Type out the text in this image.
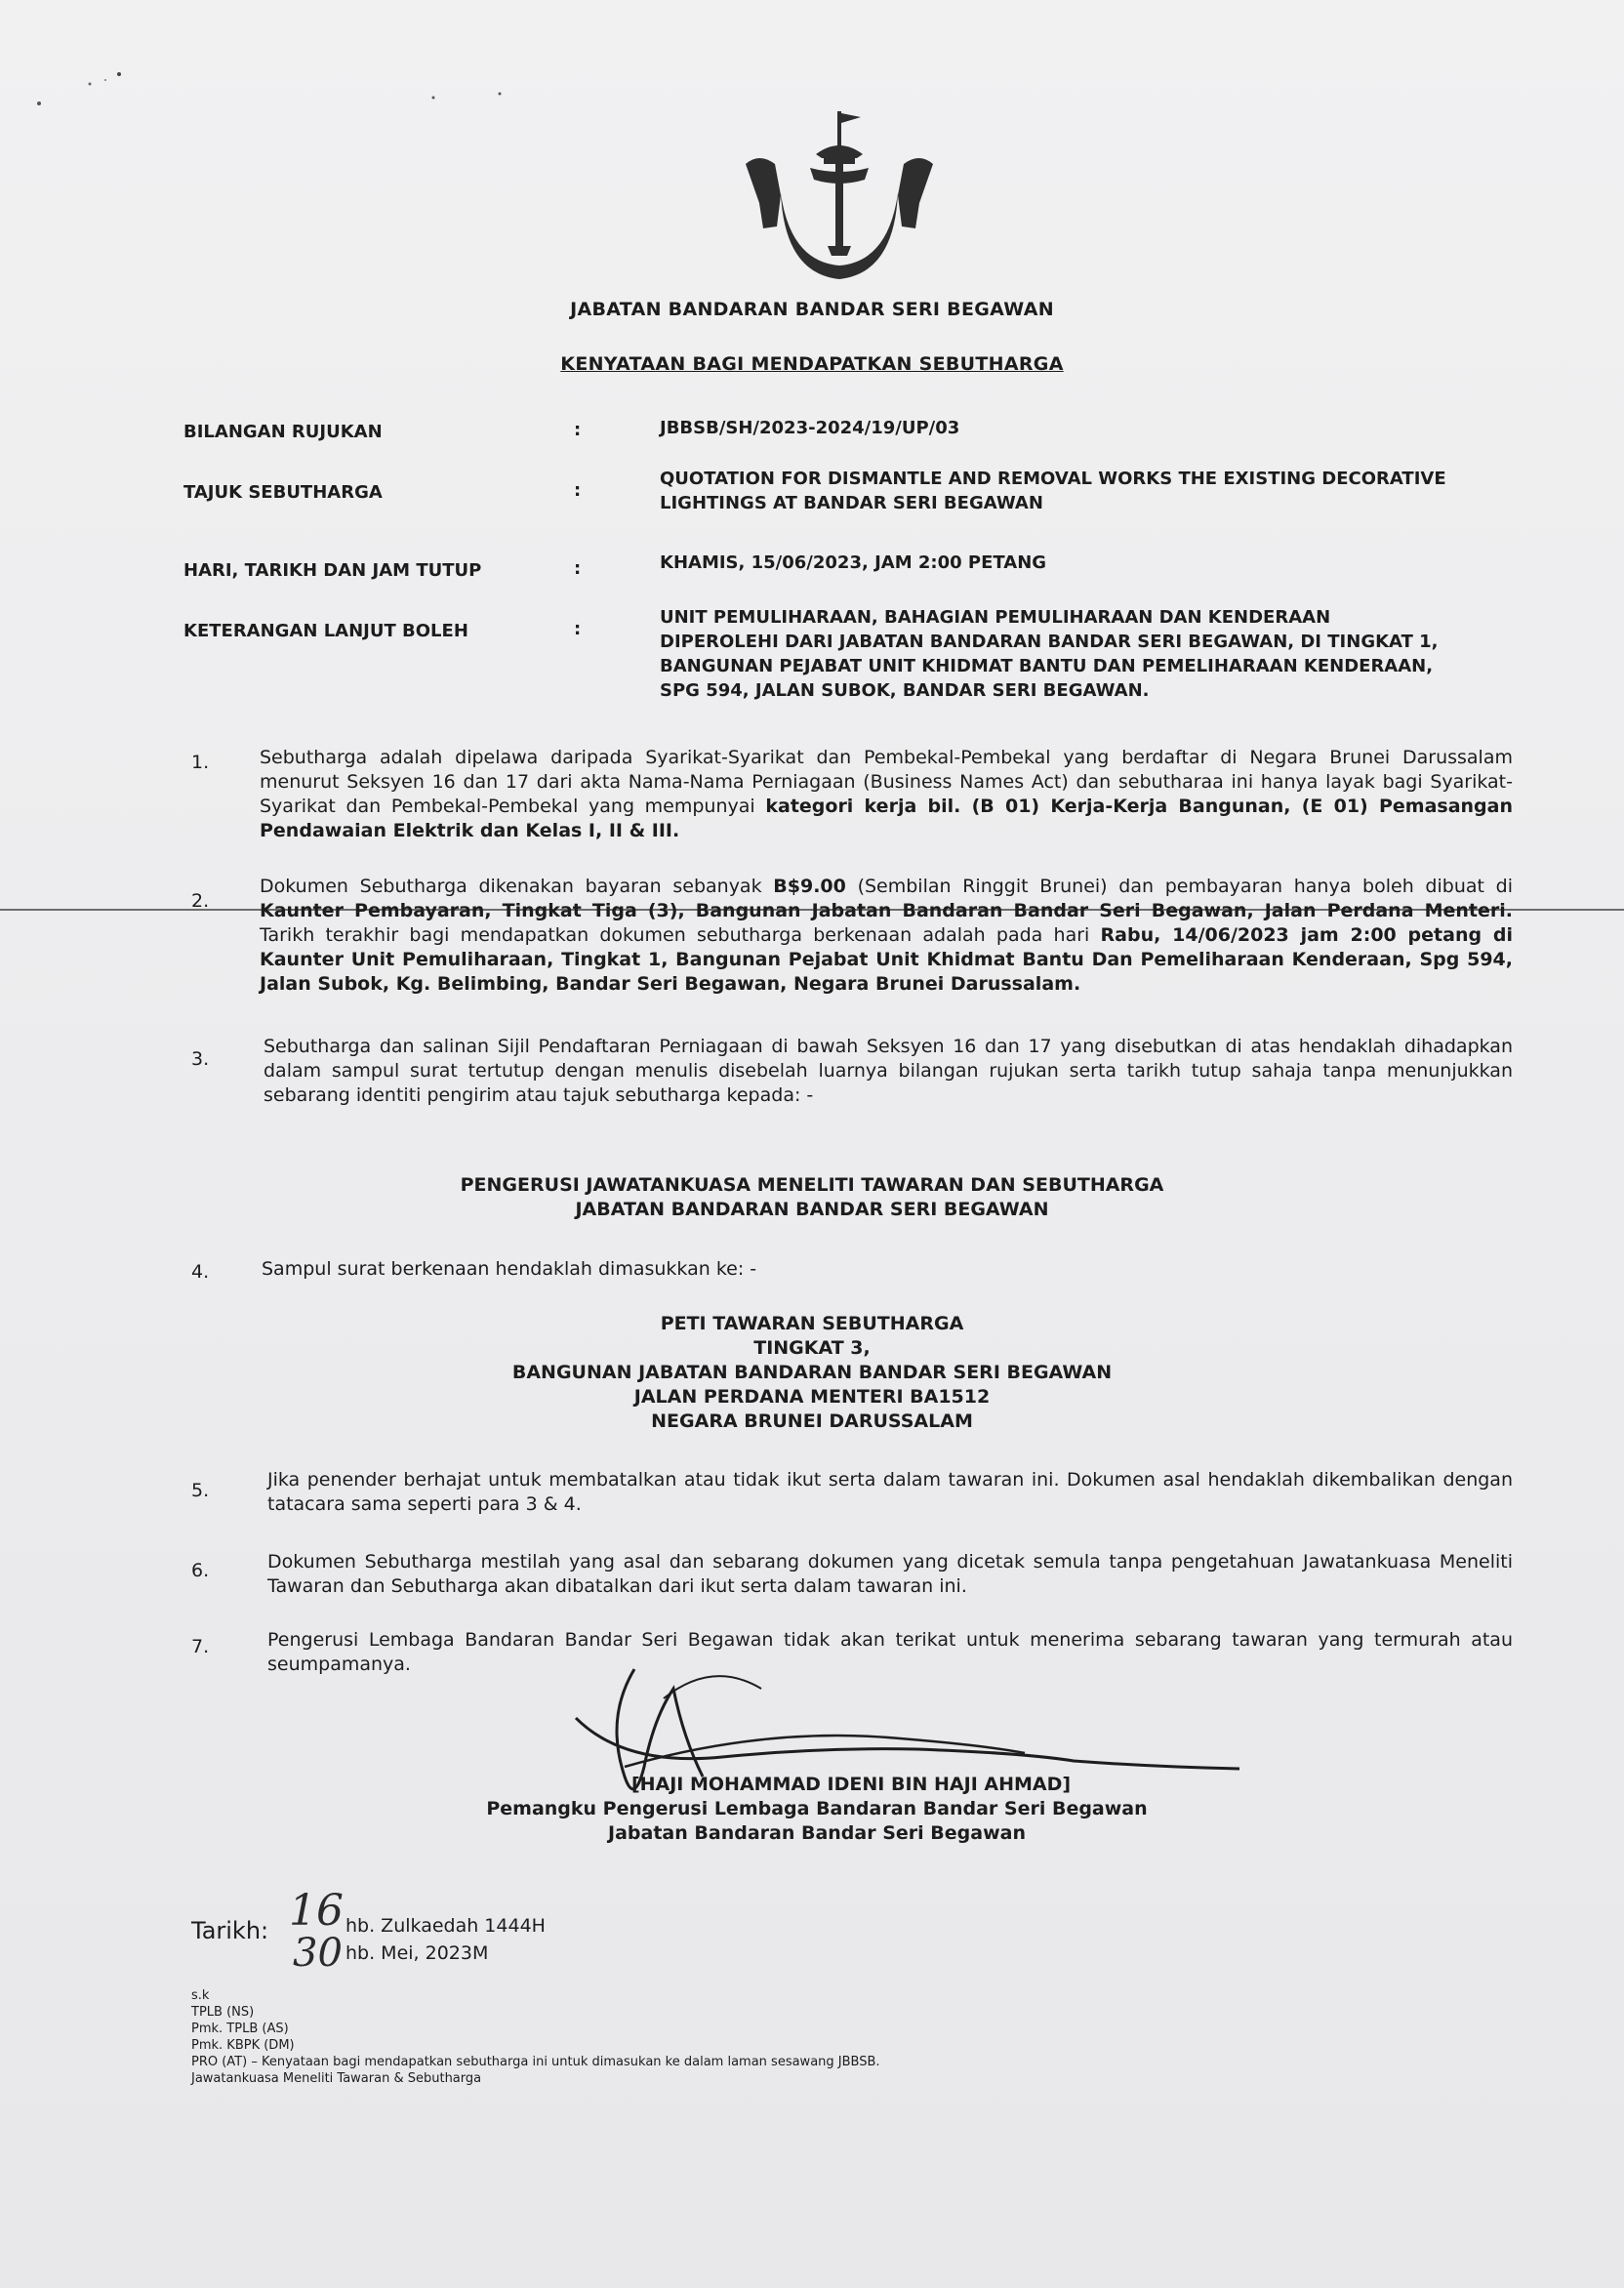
JABATAN BANDARAN BANDAR SERI BEGAWAN
KENYATAAN BAGI MENDAPATKAN SEBUTHARGA
BILANGAN RUJUKAN	:	JBBSB/SH/2023-2024/19/UP/03
TAJUK SEBUTHARGA	:
QUOTATION FOR DISMANTLE AND REMOVAL WORKS THE EXISTING DECORATIVE
LIGHTINGS AT BANDAR SERI BEGAWAN
HARI, TARIKH DAN JAM TUTUP	:	KHAMIS, 15/06/2023, JAM 2:00 PETANG
KETERANGAN LANJUT BOLEH	:
UNIT PEMULIHARAAN, BAHAGIAN PEMULIHARAAN DAN KENDERAAN
DIPEROLEHI DARI JABATAN BANDARAN BANDAR SERI BEGAWAN, DI TINGKAT 1,
BANGUNAN PEJABAT UNIT KHIDMAT BANTU DAN PEMELIHARAAN KENDERAAN,
SPG 594, JALAN SUBOK, BANDAR SERI BEGAWAN.
1.	Sebutharga adalah dipelawa daripada Syarikat-Syarikat dan Pembekal-Pembekal yang berdaftar di Negara Brunei Darussalam menurut Seksyen 16 dan 17 dari akta Nama-Nama Perniagaan (Business Names Act) dan sebutharaa ini hanya layak bagi Syarikat-Syarikat dan Pembekal-Pembekal yang mempunyai kategori kerja bil. (B 01) Kerja-Kerja Bangunan, (E 01) Pemasangan Pendawaian Elektrik dan Kelas I, II & III.
2.
Dokumen Sebutharga dikenakan bayaran sebanyak B$9.00 (Sembilan Ringgit Brunei) dan pembayaran hanya boleh dibuat di Kaunter Pembayaran, Tingkat Tiga (3), Bangunan Jabatan Bandaran Bandar Seri Begawan, Jalan Perdana Menteri. Tarikh terakhir bagi mendapatkan dokumen sebutharga berkenaan adalah pada hari Rabu, 14/06/2023 jam 2:00 petang di Kaunter Unit Pemuliharaan, Tingkat 1, Bangunan Pejabat Unit Khidmat Bantu Dan Pemeliharaan Kenderaan, Spg 594, Jalan Subok, Kg. Belimbing, Bandar Seri Begawan, Negara Brunei Darussalam.
3.
Sebutharga dan salinan Sijil Pendaftaran Perniagaan di bawah Seksyen 16 dan 17 yang disebutkan di atas hendaklah dihadapkan dalam sampul surat tertutup dengan menulis disebelah luarnya bilangan rujukan serta tarikh tutup sahaja tanpa menunjukkan sebarang identiti pengirim atau tajuk sebutharga kepada: -
PENGERUSI JAWATANKUASA MENELITI TAWARAN DAN SEBUTHARGA
JABATAN BANDARAN BANDAR SERI BEGAWAN
4.	Sampul surat berkenaan hendaklah dimasukkan ke: -
PETI TAWARAN SEBUTHARGA
TINGKAT 3,
BANGUNAN JABATAN BANDARAN BANDAR SERI BEGAWAN
JALAN PERDANA MENTERI BA1512
NEGARA BRUNEI DARUSSALAM
5.	Jika penender berhajat untuk membatalkan atau tidak ikut serta dalam tawaran ini. Dokumen asal hendaklah dikembalikan dengan tatacara sama seperti para 3 & 4.
6.	Dokumen Sebutharga mestilah yang asal dan sebarang dokumen yang dicetak semula tanpa pengetahuan Jawatankuasa Meneliti Tawaran dan Sebutharga akan dibatalkan dari ikut serta dalam tawaran ini.
7.	Pengerusi Lembaga Bandaran Bandar Seri Begawan tidak akan terikat untuk menerima sebarang tawaran yang termurah atau seumpamanya.
[HAJI MOHAMMAD IDENI BIN HAJI AHMAD]
Pemangku Pengerusi Lembaga Bandaran Bandar Seri Begawan
Jabatan Bandaran Bandar Seri Begawan
Tarikh: 16 hb. Zulkaedah 1444H
30 hb. Mei, 2023M
s.k
TPLB (NS)
Pmk. TPLB (AS)
Pmk. KBPK (DM)
PRO (AT) – Kenyataan bagi mendapatkan sebutharga ini untuk dimasukan ke dalam laman sesawang JBBSB.
Jawatankuasa Meneliti Tawaran & Sebutharga
